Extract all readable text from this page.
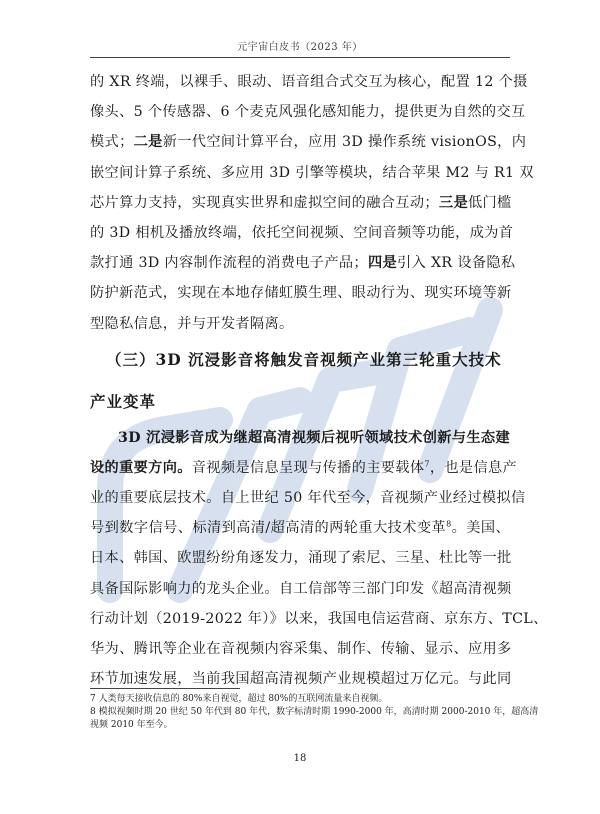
元宇宙白皮书（2023 年）
的 XR 终端，以裸手、眼动、语音组合式交互为核心，配置 12 个摄
像头、5 个传感器、6 个麦克风强化感知能力，提供更为自然的交互
模式；二是新一代空间计算平台，应用 3D 操作系统 visionOS，内
嵌空间计算子系统、多应用 3D 引擎等模块，结合苹果 M2 与 R1 双
芯片算力支持，实现真实世界和虚拟空间的融合互动；三是低门槛
的 3D 相机及播放终端，依托空间视频、空间音频等功能，成为首
款打通 3D 内容制作流程的消费电子产品；四是引入 XR 设备隐私
防护新范式，实现在本地存储虹膜生理、眼动行为、现实环境等新
型隐私信息，并与开发者隔离。
（三）3D 沉浸影音将触发音视频产业第三轮重大技术
产业变革
3D 沉浸影音成为继超高清视频后视听领域技术创新与生态建
设的重要方向。音视频是信息呈现与传播的主要载体$^7$，也是信息产
业的重要底层技术。自上世纪 50 年代至今，音视频产业经过模拟信
号到数字信号、标清到高清/超高清的两轮重大技术变革$^8$。美国、
日本、韩国、欧盟纷纷角逐发力，涌现了索尼、三星、杜比等一批
具备国际影响力的龙头企业。自工信部等三部门印发《超高清视频
行动计划（2019-2022 年）》以来，我国电信运营商、京东方、TCL、
华为、腾讯等企业在音视频内容采集、制作、传输、显示、应用多
环节加速发展，当前我国超高清视频产业规模超过万亿元。与此同
7 人类每天接收信息的 80%来自视觉，超过 80%的互联网流量来自视频。
8 模拟视频时期 20 世纪 50 年代到 80 年代，数字标清时期 1990-2000 年，高清时期 2000-2010 年，超高清
视频 2010 年至今。
18
